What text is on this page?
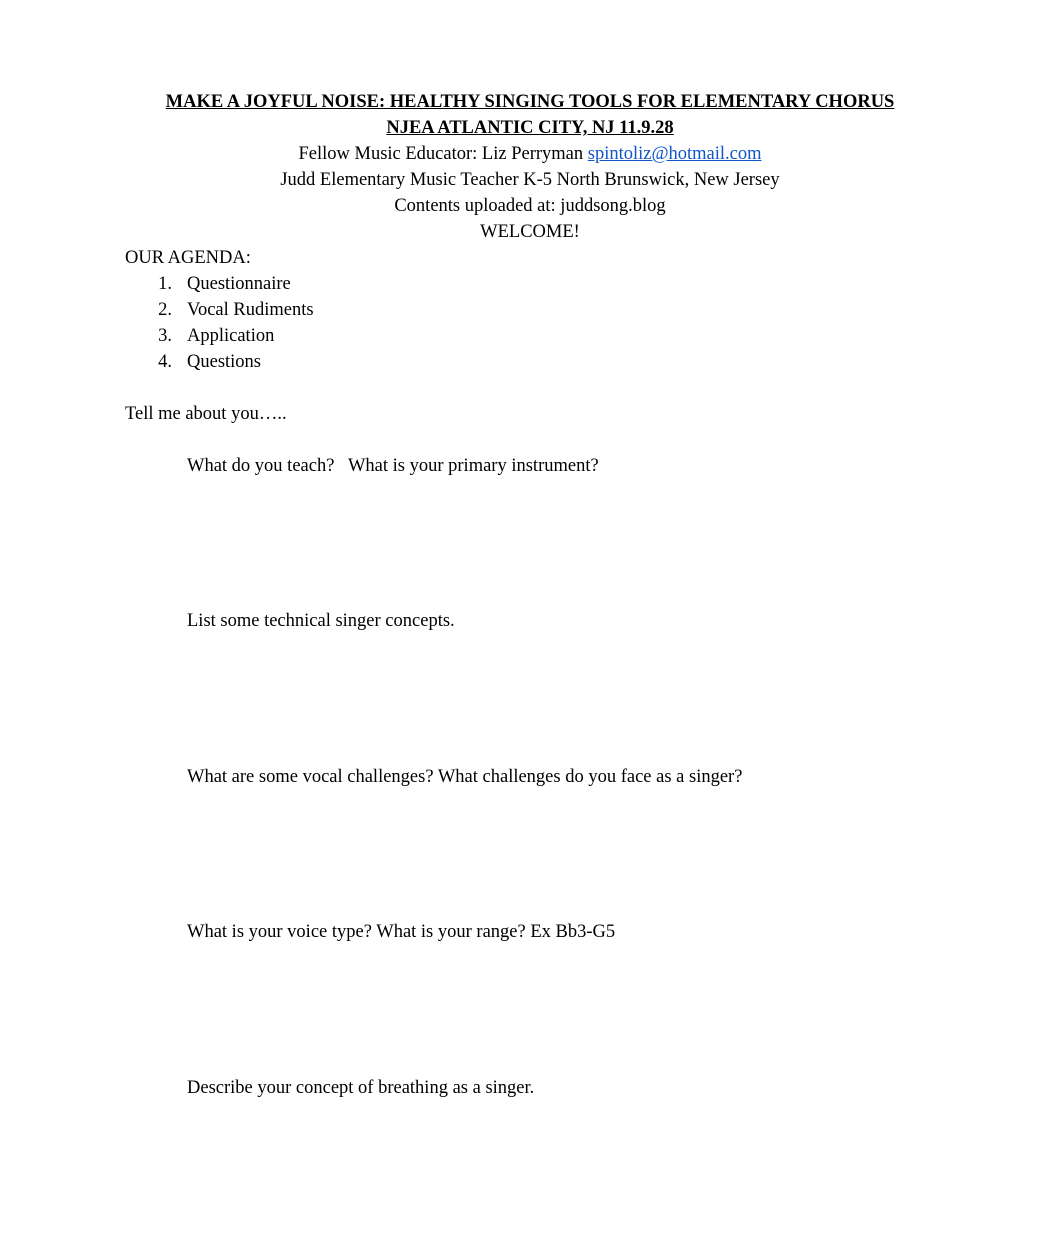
MAKE A JOYFUL NOISE: HEALTHY SINGING TOOLS FOR ELEMENTARY CHORUS
NJEA ATLANTIC CITY, NJ 11.9.28
Fellow Music Educator: Liz Perryman spintoliz@hotmail.com
Judd Elementary Music Teacher K-5 North Brunswick, New Jersey
Contents uploaded at: juddsong.blog
WELCOME!
OUR AGENDA:
1. Questionnaire
2. Vocal Rudiments
3. Application
4. Questions
Tell me about you…..
What do you teach?   What is your primary instrument?
List some technical singer concepts.
What are some vocal challenges? What challenges do you face as a singer?
What is your voice type? What is your range? Ex Bb3-G5
Describe your concept of breathing as a singer.
